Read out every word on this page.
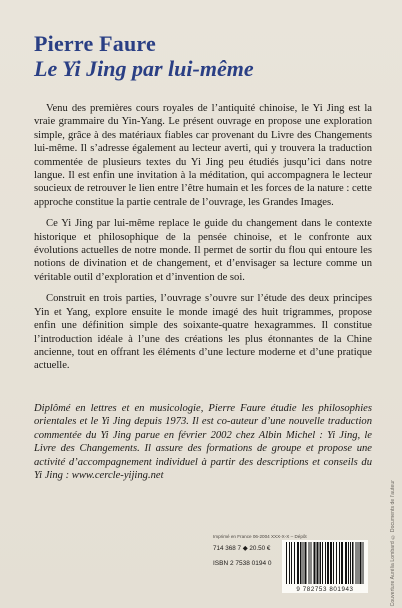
Pierre Faure
Le Yi Jing par lui-même

Venu des premières cours royales de l’antiquité chinoise, le Yi Jing est la vraie grammaire du Yin-Yang. Le présent ouvrage en propose une exploration simple, grâce à des matériaux fiables car provenant du Livre des Changements lui-même. Il s’adresse également au lecteur averti, qui y trouvera la traduction commentée de plusieurs textes du Yi Jing peu étudiés jusqu’ici dans notre langue. Il est enfin une invitation à la méditation, qui accompagnera le lecteur soucieux de retrouver le lien entre l’être humain et les forces de la nature : cette approche constitue la partie centrale de l’ouvrage, les Grandes Images.

Ce Yi Jing par lui-même replace le guide du changement dans le contexte historique et philosophique de la pensée chinoise, et le confronte aux évolutions actuelles de notre monde. Il permet de sortir du flou qui entoure les notions de divination et de changement, et d’envisager sa lecture comme un véritable outil d’exploration et d’invention de soi.

Construit en trois parties, l’ouvrage s’ouvre sur l’étude des deux principes Yin et Yang, explore ensuite le monde imagé des huit trigrammes, propose enfin une définition simple des soixante-quatre hexagrammes. Il constitue l’introduction idéale à l’une des créations les plus étonnantes de la Chine ancienne, tout en offrant les éléments d’une lecture moderne et d’une pratique actuelle.

Diplômé en lettres et en musicologie, Pierre Faure étudie les philosophies orientales et le Yi Jing depuis 1973. Il est co-auteur d’une nouvelle traduction commentée du Yi Jing parue en février 2002 chez Albin Michel : Yi Jing, le Livre des Changements. Il assure des formations de groupe et propose une activité d’accompagnement individuel à partir des descriptions et conseils du Yi Jing : www.cercle-yijing.net

Couverture Aurélia Lombard © Documents de l’auteur
Imprimé en France 06-2004 XXX-X-X – Dépôt
714 368 7 ◆ 20.50 €
ISBN 2 7538 0194 0
9 782753 801943
